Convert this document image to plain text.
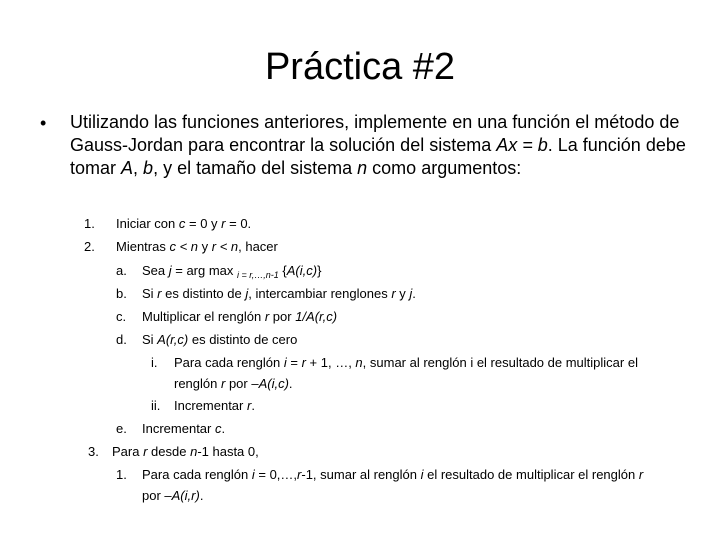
Práctica #2
• Utilizando las funciones anteriores, implemente en una función el método de Gauss-Jordan para encontrar la solución del sistema Ax = b. La función debe tomar A, b, y el tamaño del sistema n como argumentos:
1. Iniciar con c = 0 y r = 0.
2. Mientras c < n y r < n, hacer
a. Sea j = arg max $_{i = r,\dots,n-1}$ {A(i,c)}
b. Si r es distinto de j, intercambiar renglones r y j.
c. Multiplicar el renglón r por 1/A(r,c)
d. Si A(r,c) es distinto de cero
i. Para cada renglón i = r + 1, …, n, sumar al renglón i el resultado de multiplicar el
renglón r por –A(i,c).
ii. Incrementar r.
e. Incrementar c.
3. Para r desde n-1 hasta 0,
1. Para cada renglón i = 0,…,r-1, sumar al renglón i el resultado de multiplicar el renglón r
por –A(i,r).
